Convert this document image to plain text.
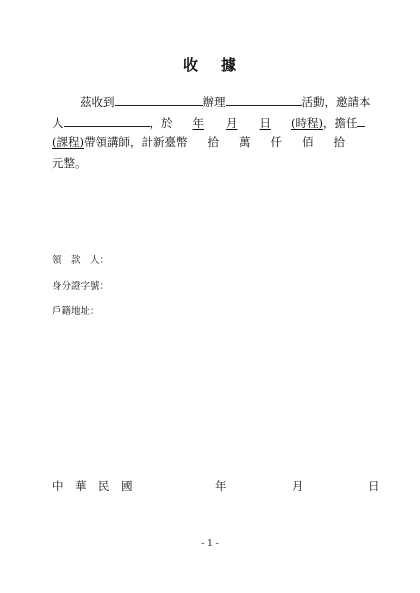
收 據
茲收到	辦理	活動，邀請本
人	，於 年 月 日 (時程)，擔任
(課程)帶領講師，計新臺幣 拾 萬 仟 佰 拾
元整。
領　款　人：
身分證字號：
戶籍地址：
中　華　民　國	年	月	日
- 1 -
